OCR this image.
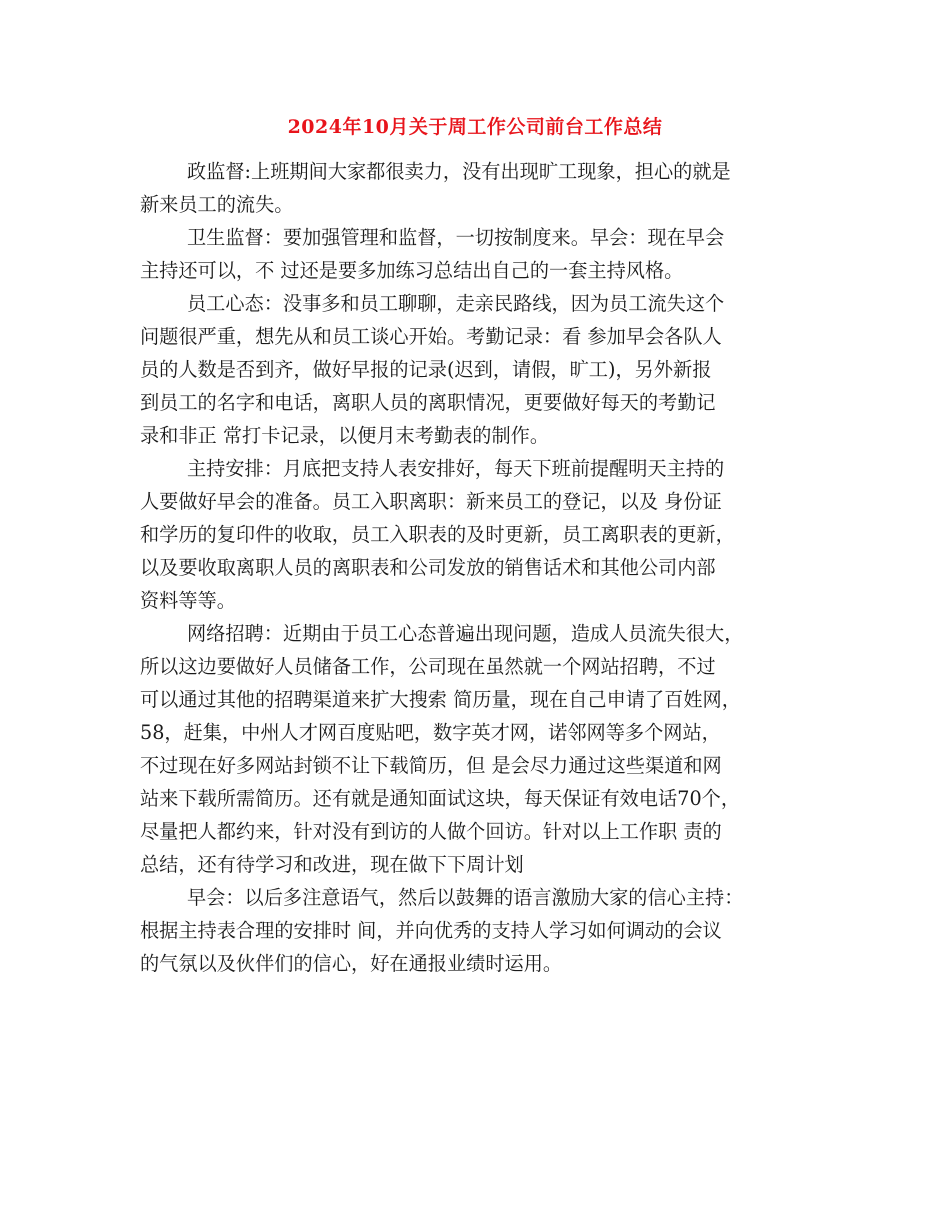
2024年10月关于周工作公司前台工作总结
政监督:上班期间大家都很卖力，没有出现旷工现象，担心的就是
新来员工的流失。
卫生监督：要加强管理和监督，一切按制度来。早会：现在早会
主持还可以，不 过还是要多加练习总结出自己的一套主持风格。
员工心态：没事多和员工聊聊，走亲民路线，因为员工流失这个
问题很严重，想先从和员工谈心开始。考勤记录：看 参加早会各队人
员的人数是否到齐，做好早报的记录(迟到，请假，旷工)，另外新报
到员工的名字和电话，离职人员的离职情况，更要做好每天的考勤记
录和非正 常打卡记录，以便月末考勤表的制作。
主持安排：月底把支持人表安排好，每天下班前提醒明天主持的
人要做好早会的准备。员工入职离职：新来员工的登记，以及 身份证
和学历的复印件的收取，员工入职表的及时更新，员工离职表的更新，
以及要收取离职人员的离职表和公司发放的销售话术和其他公司内部
资料等等。
网络招聘：近期由于员工心态普遍出现问题，造成人员流失很大，
所以这边要做好人员储备工作，公司现在虽然就一个网站招聘，不过
可以通过其他的招聘渠道来扩大搜索 简历量，现在自己申请了百姓网，
58，赶集，中州人才网百度贴吧，数字英才网，诺邻网等多个网站，
不过现在好多网站封锁不让下载简历，但 是会尽力通过这些渠道和网
站来下载所需简历。还有就是通知面试这块，每天保证有效电话70个，
尽量把人都约来，针对没有到访的人做个回访。针对以上工作职 责的
总结，还有待学习和改进，现在做下下周计划
早会：以后多注意语气，然后以鼓舞的语言激励大家的信心主持：
根据主持表合理的安排时 间，并向优秀的支持人学习如何调动的会议
的气氛以及伙伴们的信心，好在通报业绩时运用。
